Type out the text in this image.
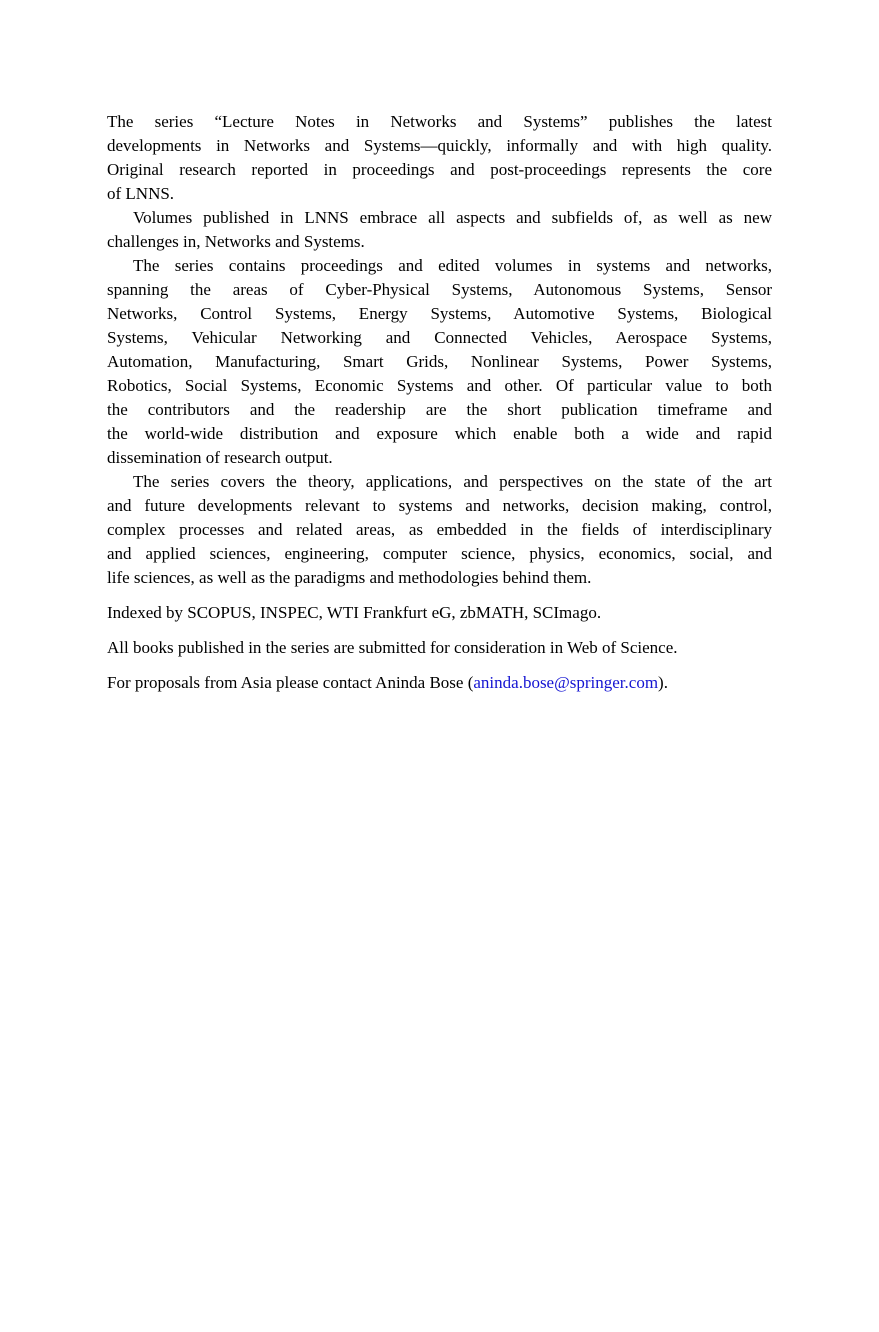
The series “Lecture Notes in Networks and Systems” publishes the latest
developments in Networks and Systems—quickly, informally and with high quality.
Original research reported in proceedings and post-proceedings represents the core
of LNNS.
Volumes published in LNNS embrace all aspects and subfields of, as well as new
challenges in, Networks and Systems.
The series contains proceedings and edited volumes in systems and networks,
spanning the areas of Cyber-Physical Systems, Autonomous Systems, Sensor
Networks, Control Systems, Energy Systems, Automotive Systems, Biological
Systems, Vehicular Networking and Connected Vehicles, Aerospace Systems,
Automation, Manufacturing, Smart Grids, Nonlinear Systems, Power Systems,
Robotics, Social Systems, Economic Systems and other. Of particular value to both
the contributors and the readership are the short publication timeframe and
the world-wide distribution and exposure which enable both a wide and rapid
dissemination of research output.
The series covers the theory, applications, and perspectives on the state of the art
and future developments relevant to systems and networks, decision making, control,
complex processes and related areas, as embedded in the fields of interdisciplinary
and applied sciences, engineering, computer science, physics, economics, social, and
life sciences, as well as the paradigms and methodologies behind them.
Indexed by SCOPUS, INSPEC, WTI Frankfurt eG, zbMATH, SCImago.
All books published in the series are submitted for consideration in Web of Science.
For proposals from Asia please contact Aninda Bose (aninda.bose@springer.com).
